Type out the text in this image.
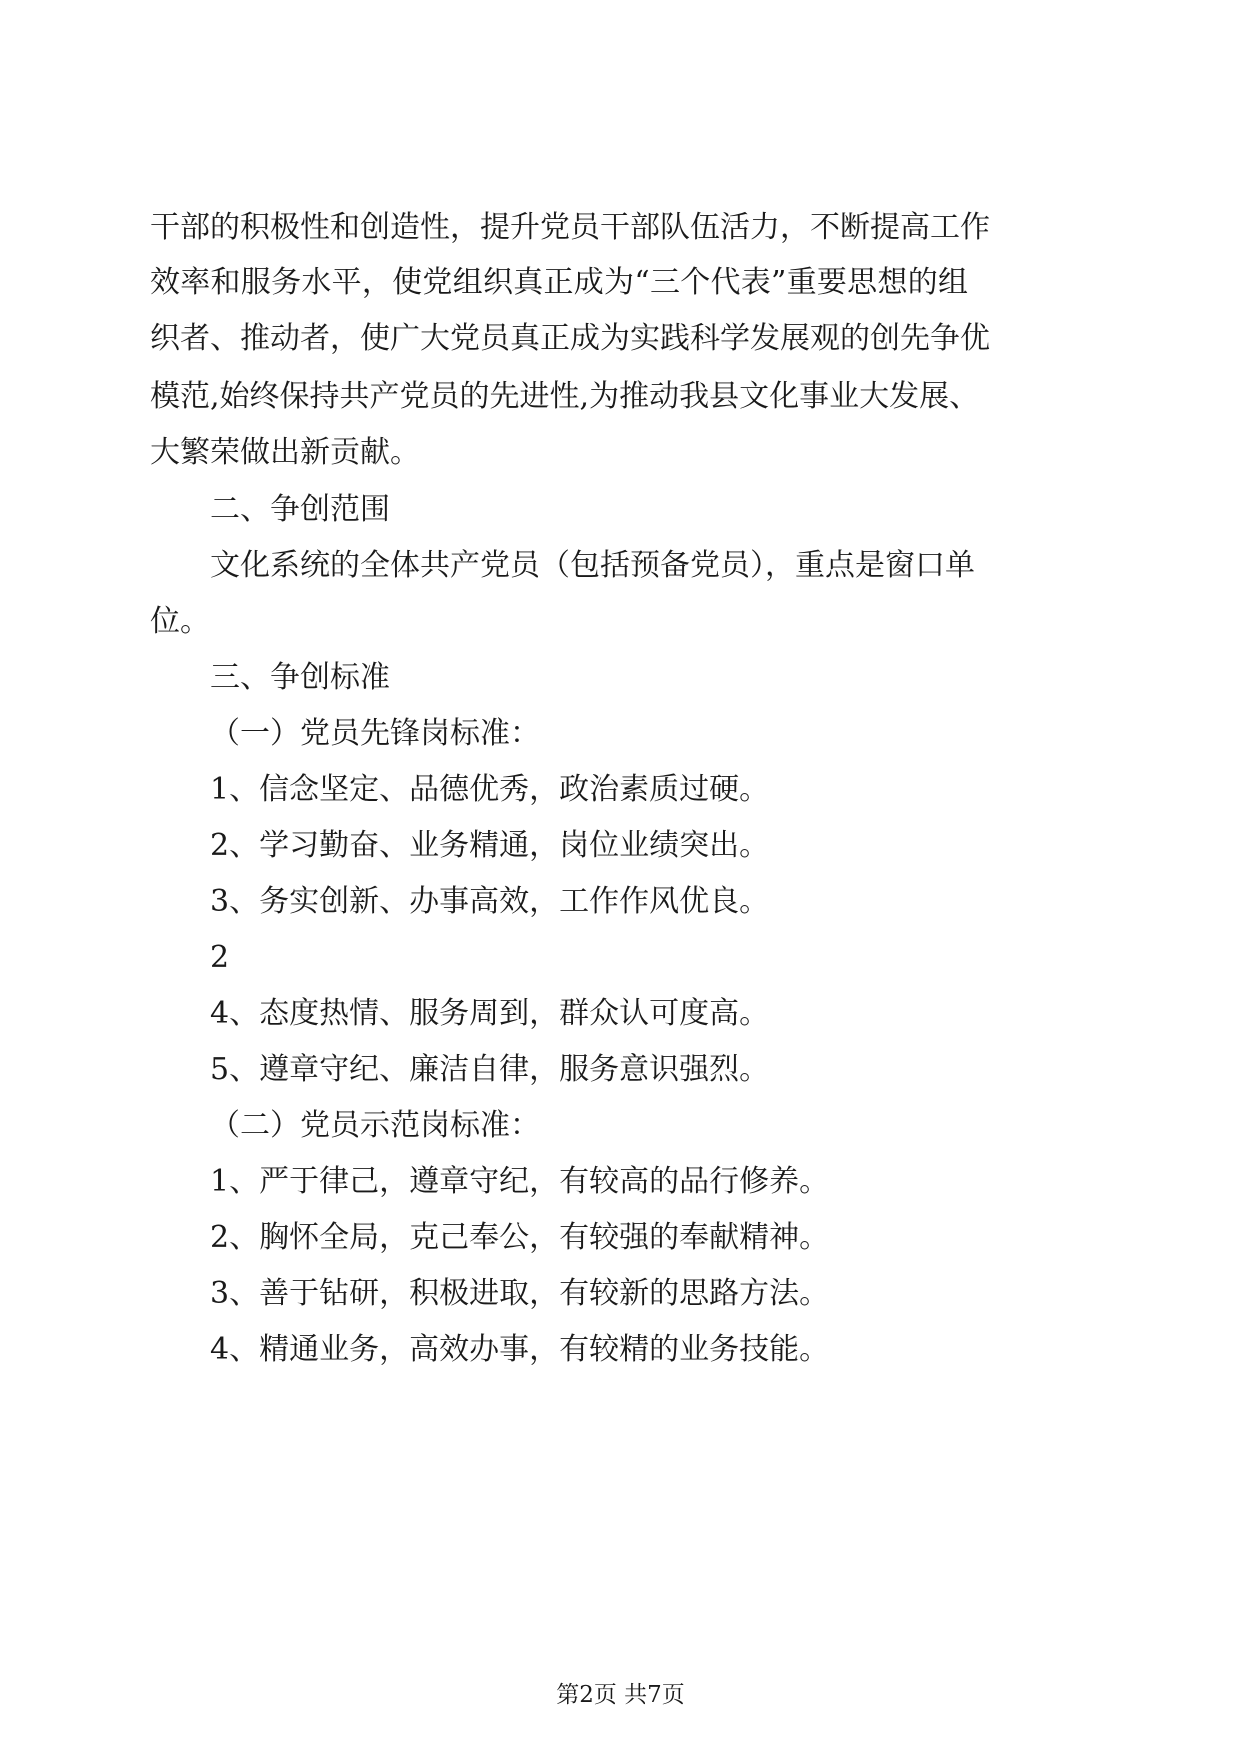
干部的积极性和创造性，提升党员干部队伍活力，不断提高工作

效率和服务水平，使党组织真正成为“三个代表”重要思想的组

织者、推动者，使广大党员真正成为实践科学发展观的创先争优

模范,始终保持共产党员的先进性,为推动我县文化事业大发展、

大繁荣做出新贡献。

二、争创范围

文化系统的全体共产党员（包括预备党员），重点是窗口单

位。

三、争创标准

（一）党员先锋岗标准：

1、信念坚定、品德优秀，政治素质过硬。

2、学习勤奋、业务精通，岗位业绩突出。

3、务实创新、办事高效，工作作风优良。

2

4、态度热情、服务周到，群众认可度高。

5、遵章守纪、廉洁自律，服务意识强烈。

（二）党员示范岗标准：

1、严于律己，遵章守纪，有较高的品行修养。

2、胸怀全局，克己奉公，有较强的奉献精神。

3、善于钻研，积极进取，有较新的思路方法。

4、精通业务，高效办事，有较精的业务技能。

第2页 共7页
